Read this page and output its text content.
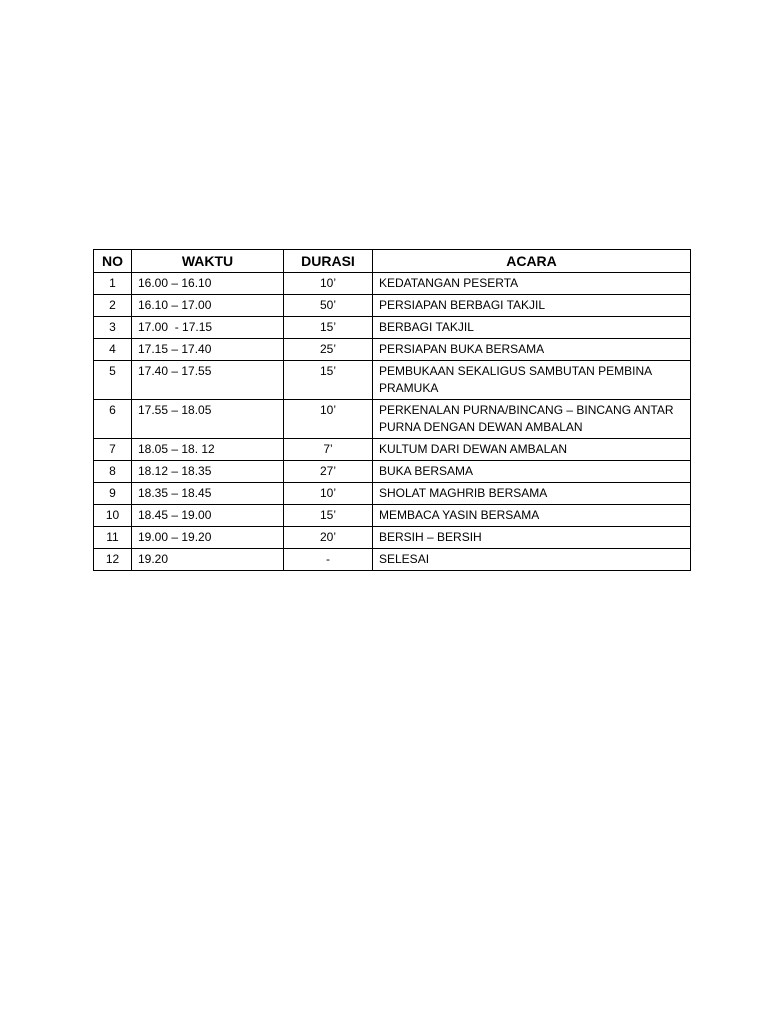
NO	WAKTU	DURASI	ACARA
1	16.00 – 16.10	10’	KEDATANGAN PESERTA
2	16.10 – 17.00	50’	PERSIAPAN BERBAGI TAKJIL
3	17.00  - 17.15	15’	BERBAGI TAKJIL
4	17.15 – 17.40	25’	PERSIAPAN BUKA BERSAMA
5	17.40 – 17.55	15’	PEMBUKAAN SEKALIGUS SAMBUTAN PEMBINA PRAMUKA
6	17.55 – 18.05	10’	PERKENALAN PURNA/BINCANG – BINCANG ANTAR PURNA DENGAN DEWAN AMBALAN
7	18.05 – 18. 12	7’	KULTUM DARI DEWAN AMBALAN
8	18.12 – 18.35	27’	BUKA BERSAMA
9	18.35 – 18.45	10’	SHOLAT MAGHRIB BERSAMA
10	18.45 – 19.00	15’	MEMBACA YASIN BERSAMA
11	19.00 – 19.20	20’	BERSIH – BERSIH
12	19.20	-	SELESAI
